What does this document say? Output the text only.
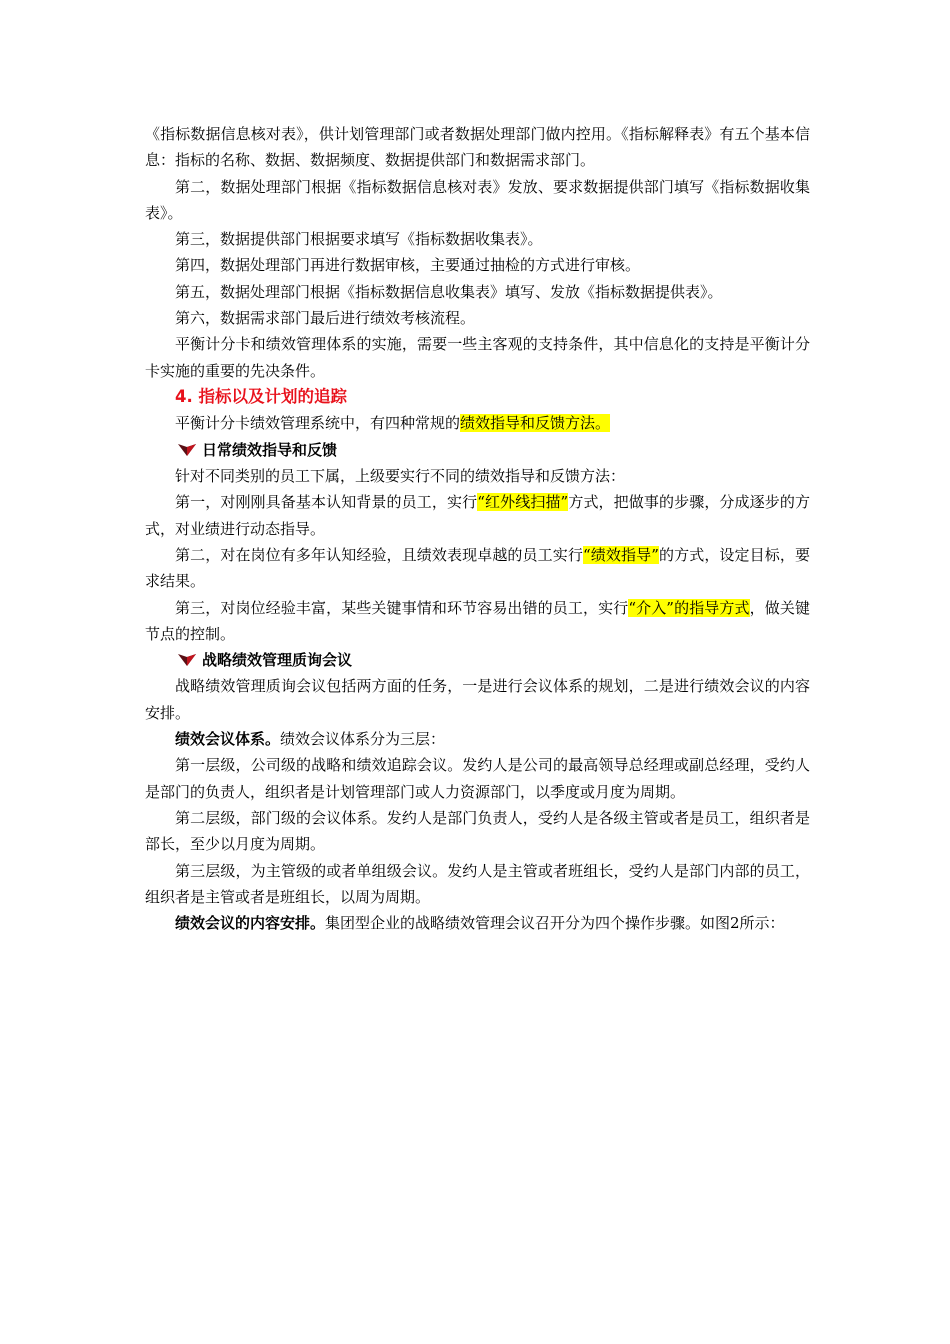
《指标数据信息核对表》，供计划管理部门或者数据处理部门做内控用。《指标解释表》有五个基本信息：指标的名称、数据、数据频度、数据提供部门和数据需求部门。

第二，数据处理部门根据《指标数据信息核对表》发放、要求数据提供部门填写《指标数据收集表》。

第三，数据提供部门根据要求填写《指标数据收集表》。

第四，数据处理部门再进行数据审核，主要通过抽检的方式进行审核。

第五，数据处理部门根据《指标数据信息收集表》填写、发放《指标数据提供表》。

第六，数据需求部门最后进行绩效考核流程。

平衡计分卡和绩效管理体系的实施，需要一些主客观的支持条件，其中信息化的支持是平衡计分卡实施的重要的先决条件。

4. 指标以及计划的追踪

平衡计分卡绩效管理系统中，有四种常规的绩效指导和反馈方法。

日常绩效指导和反馈

针对不同类别的员工下属，上级要实行不同的绩效指导和反馈方法：

第一，对刚刚具备基本认知背景的员工，实行“红外线扫描”方式，把做事的步骤，分成逐步的方式，对业绩进行动态指导。

第二，对在岗位有多年认知经验，且绩效表现卓越的员工实行“绩效指导”的方式，设定目标，要求结果。

第三，对岗位经验丰富，某些关键事情和环节容易出错的员工，实行“介入”的指导方式，做关键节点的控制。

战略绩效管理质询会议

战略绩效管理质询会议包括两方面的任务，一是进行会议体系的规划，二是进行绩效会议的内容安排。

绩效会议体系。绩效会议体系分为三层：

第一层级，公司级的战略和绩效追踪会议。发约人是公司的最高领导总经理或副总经理，受约人是部门的负责人，组织者是计划管理部门或人力资源部门，以季度或月度为周期。

第二层级，部门级的会议体系。发约人是部门负责人，受约人是各级主管或者是员工，组织者是部长，至少以月度为周期。

第三层级，为主管级的或者单组级会议。发约人是主管或者班组长，受约人是部门内部的员工，组织者是主管或者是班组长，以周为周期。

绩效会议的内容安排。集团型企业的战略绩效管理会议召开分为四个操作步骤。如图2所示：
